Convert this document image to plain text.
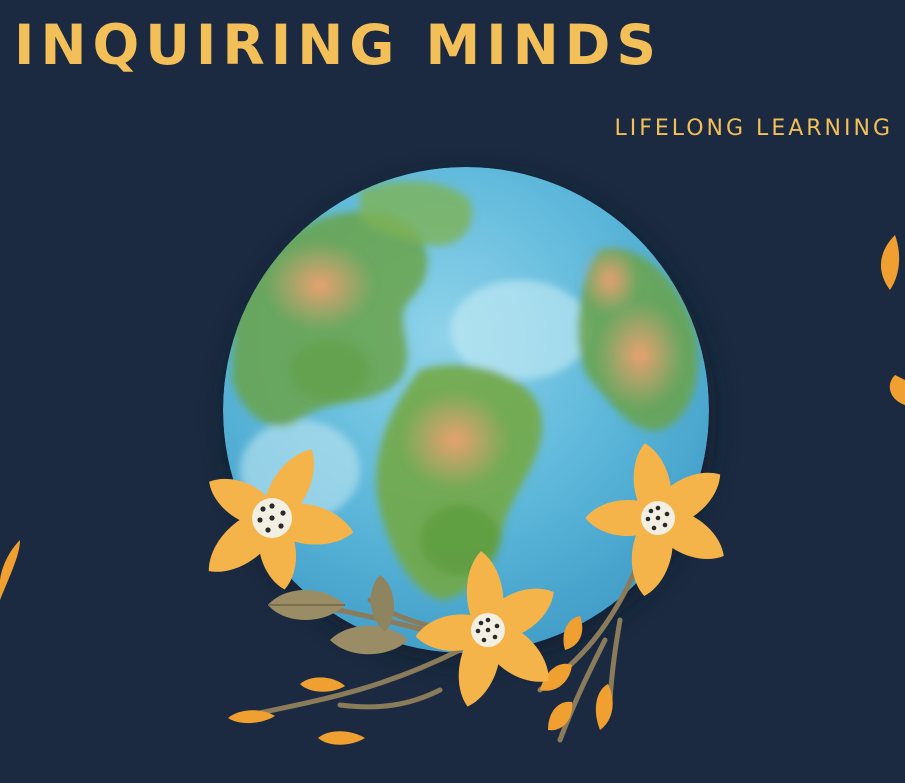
INQUIRING MINDS
LIFELONG LEARNING
